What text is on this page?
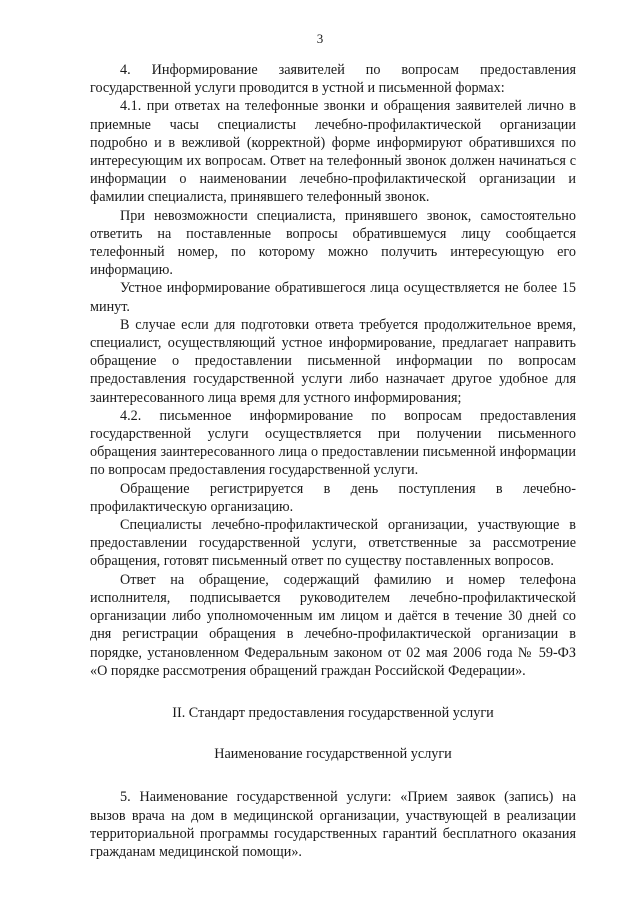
3

4. Информирование заявителей по вопросам предоставления государственной услуги проводится в устной и письменной формах:

4.1. при ответах на телефонные звонки и обращения заявителей лично в приемные часы специалисты лечебно-профилактической организации подробно и в вежливой (корректной) форме информируют обратившихся по интересующим их вопросам. Ответ на телефонный звонок должен начинаться с информации о наименовании лечебно-профилактической организации и фамилии специалиста, принявшего телефонный звонок.

При невозможности специалиста, принявшего звонок, самостоятельно ответить на поставленные вопросы обратившемуся лицу сообщается телефонный номер, по которому можно получить интересующую его информацию.

Устное информирование обратившегося лица осуществляется не более 15 минут.

В случае если для подготовки ответа требуется продолжительное время, специалист, осуществляющий устное информирование, предлагает направить обращение о предоставлении письменной информации по вопросам предоставления государственной услуги либо назначает другое удобное для заинтересованного лица время для устного информирования;

4.2. письменное информирование по вопросам предоставления государственной услуги осуществляется при получении письменного обращения заинтересованного лица о предоставлении письменной информации по вопросам предоставления государственной услуги.

Обращение регистрируется в день поступления в лечебно-профилактическую организацию.

Специалисты лечебно-профилактической организации, участвующие в предоставлении государственной услуги, ответственные за рассмотрение обращения, готовят письменный ответ по существу поставленных вопросов.

Ответ на обращение, содержащий фамилию и номер телефона исполнителя, подписывается руководителем лечебно-профилактической организации либо уполномоченным им лицом и даётся в течение 30 дней со дня регистрации обращения в лечебно-профилактической организации в порядке, установленном Федеральным законом от 02 мая 2006 года № 59-ФЗ «О порядке рассмотрения обращений граждан Российской Федерации».

II. Стандарт предоставления государственной услуги

Наименование государственной услуги

5. Наименование государственной услуги: «Прием заявок (запись) на вызов врача на дом в медицинской организации, участвующей в реализации территориальной программы государственных гарантий бесплатного оказания гражданам медицинской помощи».
